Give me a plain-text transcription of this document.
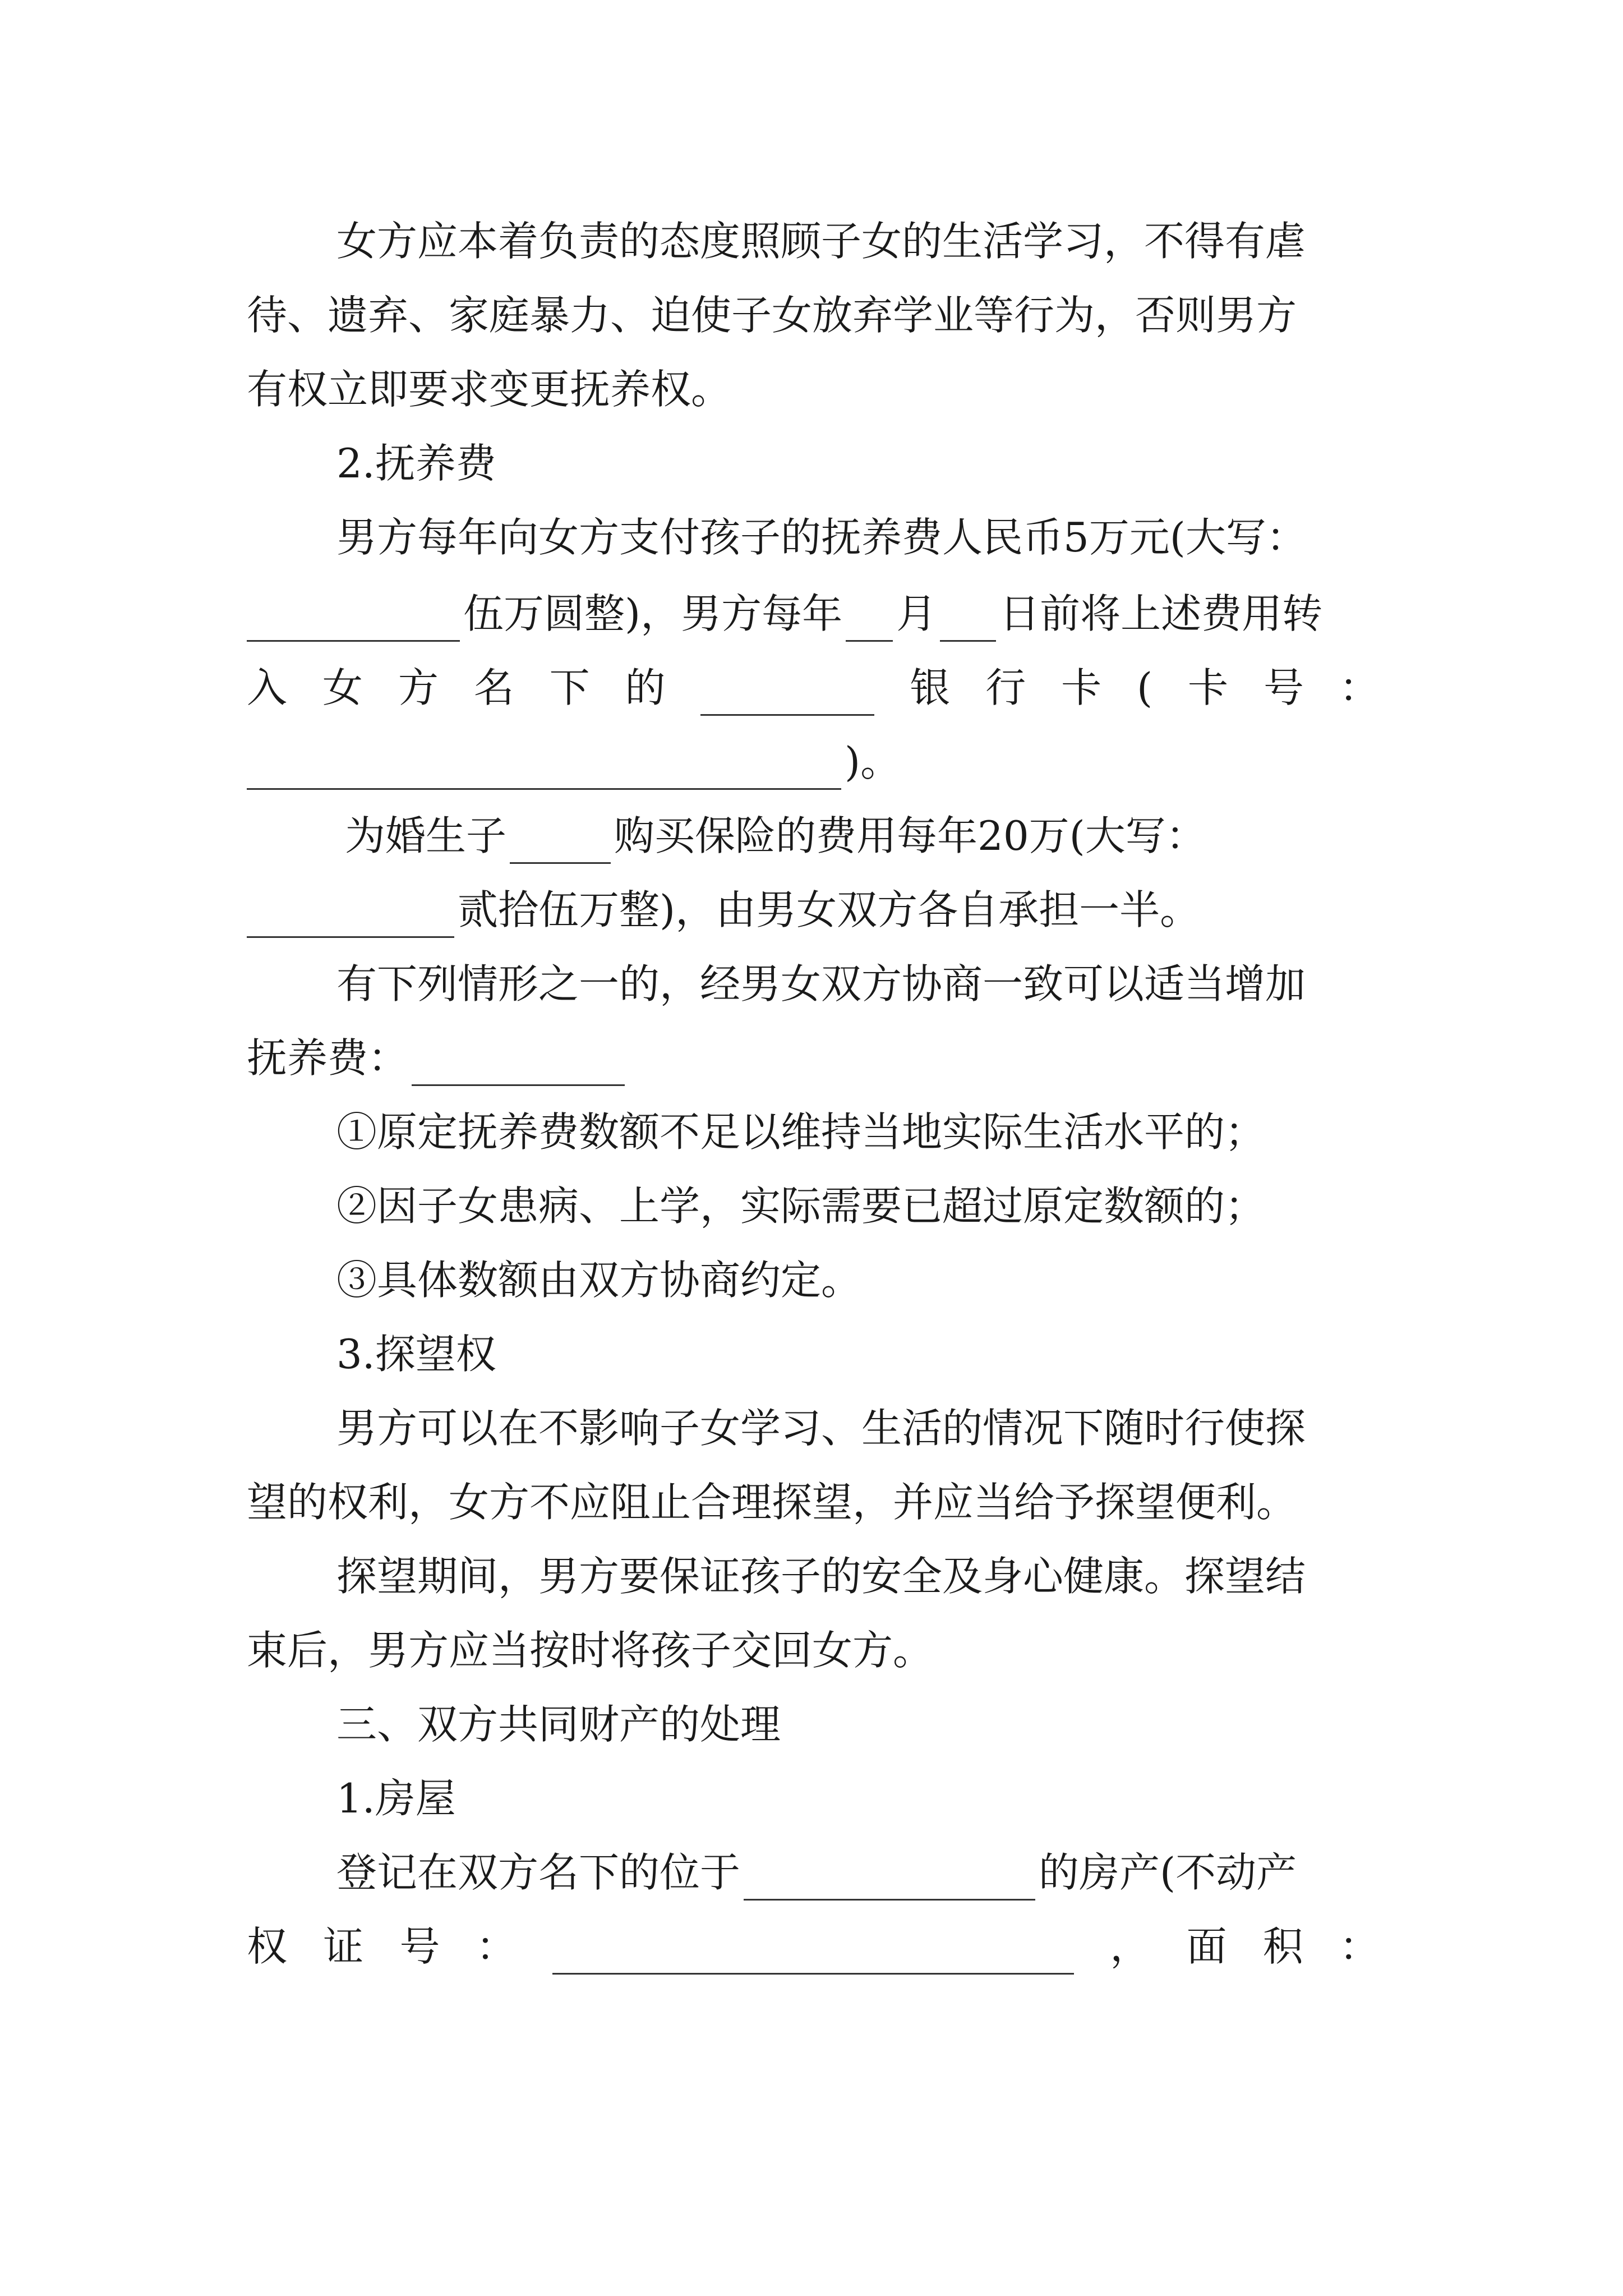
女方应本着负责的态度照顾子女的生活学习，不得有虐
待、遗弃、家庭暴力、迫使子女放弃学业等行为，否则男方
有权立即要求变更抚养权。
2.抚养费
男方每年向女方支付孩子的抚养费人民币5万元(大写：
伍万圆整)，男方每年 月 日前将上述费用转
入 女 方 名 下 的	银 行 卡 ( 卡 号 ：
)。
为婚生子	购买保险的费用每年20万(大写：
贰拾伍万整)，由男女双方各自承担一半。
有下列情形之一的，经男女双方协商一致可以适当增加
抚养费：
①原定抚养费数额不足以维持当地实际生活水平的；
②因子女患病、上学，实际需要已超过原定数额的；
③具体数额由双方协商约定。
3.探望权
男方可以在不影响子女学习、生活的情况下随时行使探
望的权利，女方不应阻止合理探望，并应当给予探望便利。
探望期间，男方要保证孩子的安全及身心健康。探望结
束后，男方应当按时将孩子交回女方。
三、双方共同财产的处理
1.房屋
登记在双方名下的位于	的房产(不动产
权 证 号 ：	， 面 积 ：
